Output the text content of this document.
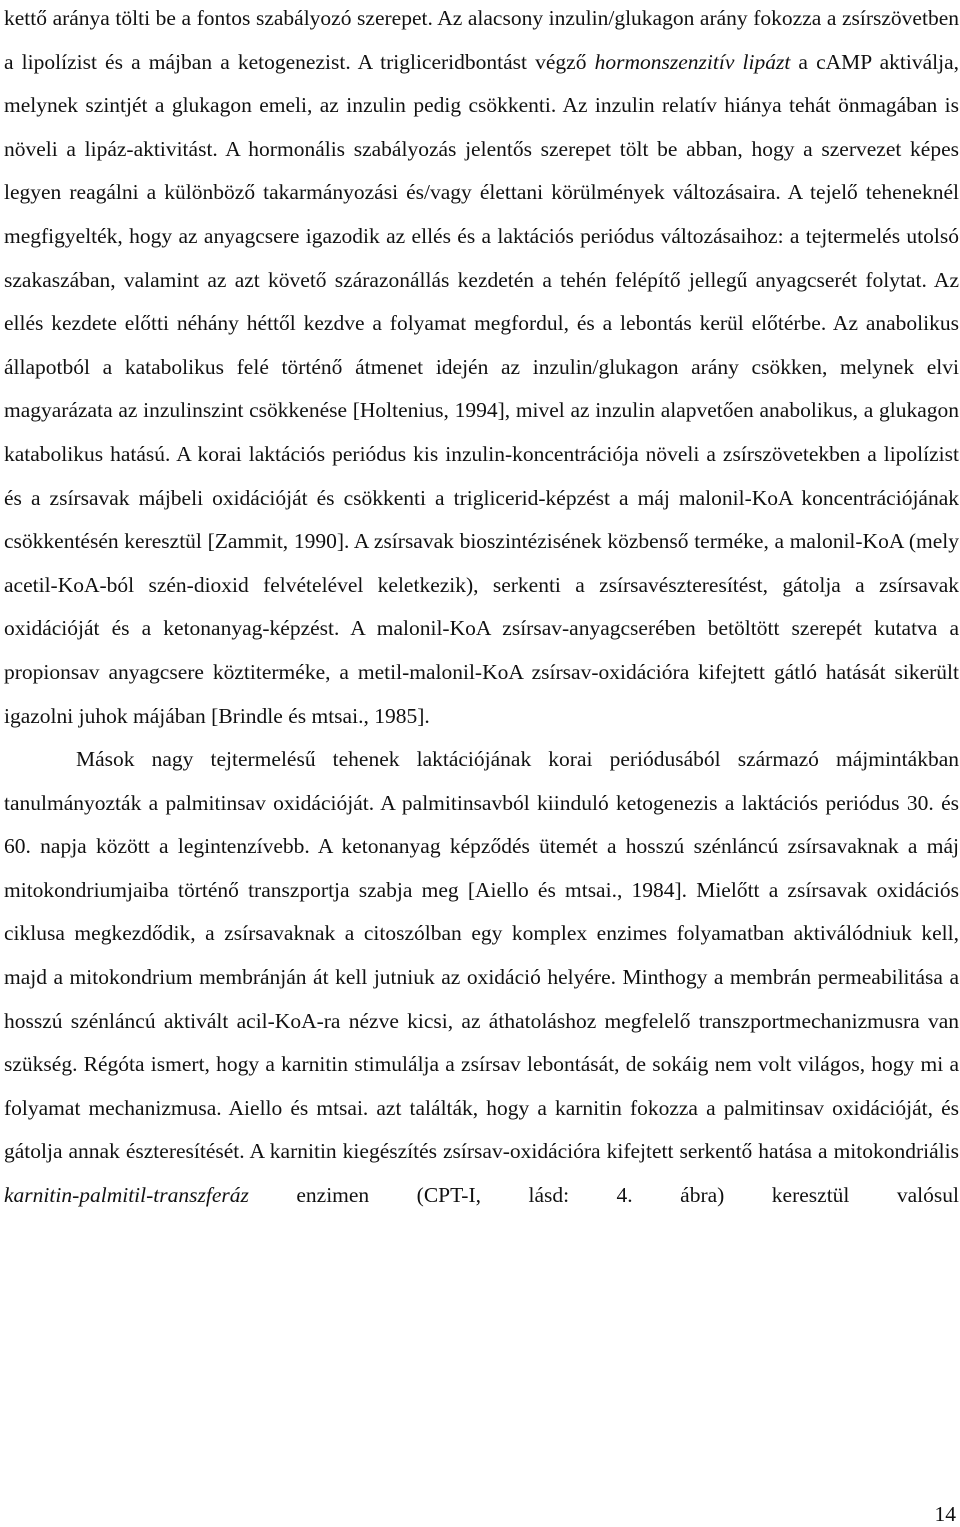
kettő aránya tölti be a fontos szabályozó szerepet. Az alacsony inzulin/glukagon arány fokozza a zsírszövetben a lipolízist és a májban a ketogenezist. A trigliceridbontást végző hormonszenzitív lipázt a cAMP aktiválja, melynek szintjét a glukagon emeli, az inzulin pedig csökkenti. Az inzulin relatív hiánya tehát önmagában is növeli a lipáz-aktivitást. A hormonális szabályozás jelentős szerepet tölt be abban, hogy a szervezet képes legyen reagálni a különböző takarmányozási és/vagy élettani körülmények változásaira. A tejelő teheneknél megfigyelték, hogy az anyagcsere igazodik az ellés és a laktációs periódus változásaihoz: a tejtermelés utolsó szakaszában, valamint az azt követő szárazonállás kezdetén a tehén felépítő jellegű anyagcserét folytat. Az ellés kezdete előtti néhány héttől kezdve a folyamat megfordul, és a lebontás kerül előtérbe. Az anabolikus állapotból a katabolikus felé történő átmenet idején az inzulin/glukagon arány csökken, melynek elvi magyarázata az inzulinszint csökkenése [Holtenius, 1994], mivel az inzulin alapvetően anabolikus, a glukagon katabolikus hatású. A korai laktációs periódus kis inzulin-koncentrációja növeli a zsírszövetekben a lipolízist és a zsírsavak májbeli oxidációját és csökkenti a triglicerid-képzést a máj malonil-KoA koncentrációjának csökkentésén keresztül [Zammit, 1990]. A zsírsavak bioszintézisének közbenső terméke, a malonil-KoA (mely acetil-KoA-ból szén-dioxid felvételével keletkezik), serkenti a zsírsavészteresítést, gátolja a zsírsavak oxidációját és a ketonanyag-képzést. A malonil-KoA zsírsav-anyagcserében betöltött szerepét kutatva a propionsav anyagcsere köztiterméke, a metil-malonil-KoA zsírsav-oxidációra kifejtett gátló hatását sikerült igazolni juhok májában [Brindle és mtsai., 1985].

Mások nagy tejtermelésű tehenek laktációjának korai periódusából származó májmintákban tanulmányozták a palmitinsav oxidációját. A palmitinsavból kiinduló ketogenezis a laktációs periódus 30. és 60. napja között a legintenzívebb. A ketonanyag képződés ütemét a hosszú szénláncú zsírsavaknak a máj mitokondriumjaiba történő transzportja szabja meg [Aiello és mtsai., 1984]. Mielőtt a zsírsavak oxidációs ciklusa megkezdődik, a zsírsavaknak a citoszólban egy komplex enzimes folyamatban aktiválódniuk kell, majd a mitokondrium membránján át kell jutniuk az oxidáció helyére. Minthogy a membrán permeabilitása a hosszú szénláncú aktivált acil-KoA-ra nézve kicsi, az áthatoláshoz megfelelő transzportmechanizmusra van szükség. Régóta ismert, hogy a karnitin stimulálja a zsírsav lebontását, de sokáig nem volt világos, hogy mi a folyamat mechanizmusa. Aiello és mtsai. azt találták, hogy a karnitin fokozza a palmitinsav oxidációját, és gátolja annak észteresítését. A karnitin kiegészítés zsírsav-oxidációra kifejtett serkentő hatása a mitokondriális karnitin-palmitil-transzferáz enzimen (CPT-I, lásd: 4. ábra) keresztül valósul

14
